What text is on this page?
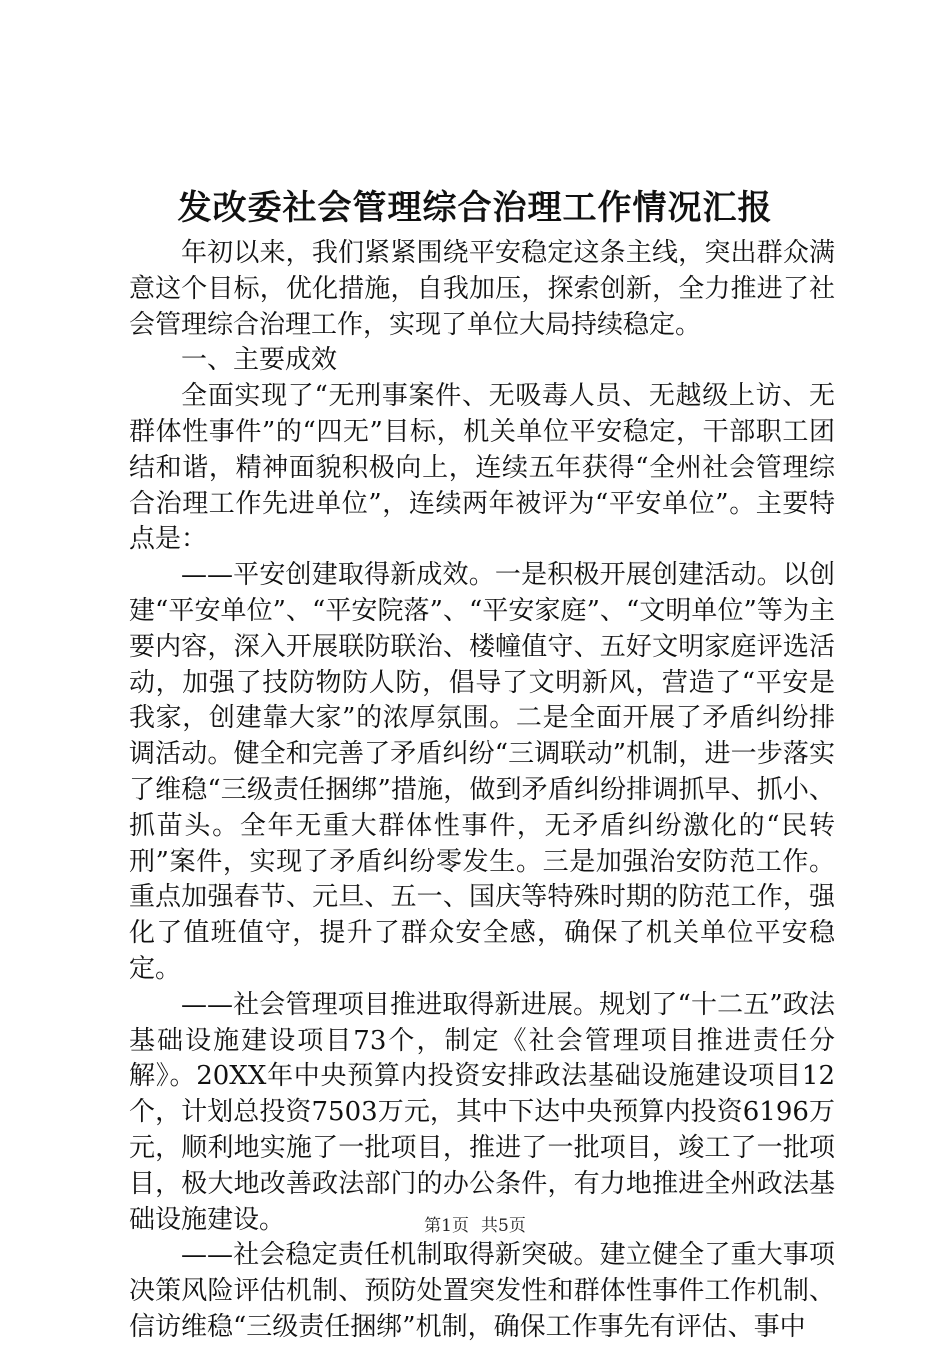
发改委社会管理综合治理工作情况汇报

年初以来，我们紧紧围绕平安稳定这条主线，突出群众满意这个目标，优化措施，自我加压，探索创新，全力推进了社会管理综合治理工作，实现了单位大局持续稳定。

一、主要成效

全面实现了“无刑事案件、无吸毒人员、无越级上访、无群体性事件”的“四无”目标，机关单位平安稳定，干部职工团结和谐，精神面貌积极向上，连续五年获得“全州社会管理综合治理工作先进单位”，连续两年被评为“平安单位”。主要特点是：

——平安创建取得新成效。一是积极开展创建活动。以创建“平安单位”、“平安院落”、“平安家庭”、“文明单位”等为主要内容，深入开展联防联治、楼幢值守、五好文明家庭评选活动，加强了技防物防人防，倡导了文明新风，营造了“平安是我家，创建靠大家”的浓厚氛围。二是全面开展了矛盾纠纷排调活动。健全和完善了矛盾纠纷“三调联动”机制，进一步落实了维稳“三级责任捆绑”措施，做到矛盾纠纷排调抓早、抓小、抓苗头。全年无重大群体性事件，无矛盾纠纷激化的“民转刑”案件，实现了矛盾纠纷零发生。三是加强治安防范工作。重点加强春节、元旦、五一、国庆等特殊时期的防范工作，强化了值班值守，提升了群众安全感，确保了机关单位平安稳定。

——社会管理项目推进取得新进展。规划了“十二五”政法基础设施建设项目73个，制定《社会管理项目推进责任分解》。20XX年中央预算内投资安排政法基础设施建设项目12个，计划总投资7503万元，其中下达中央预算内投资6196万元，顺利地实施了一批项目，推进了一批项目，竣工了一批项目，极大地改善政法部门的办公条件，有力地推进全州政法基础设施建设。

——社会稳定责任机制取得新突破。建立健全了重大事项决策风险评估机制、预防处置突发性和群体性事件工作机制、信访维稳“三级责任捆绑”机制，确保工作事先有评估、事中

第1页 共5页
